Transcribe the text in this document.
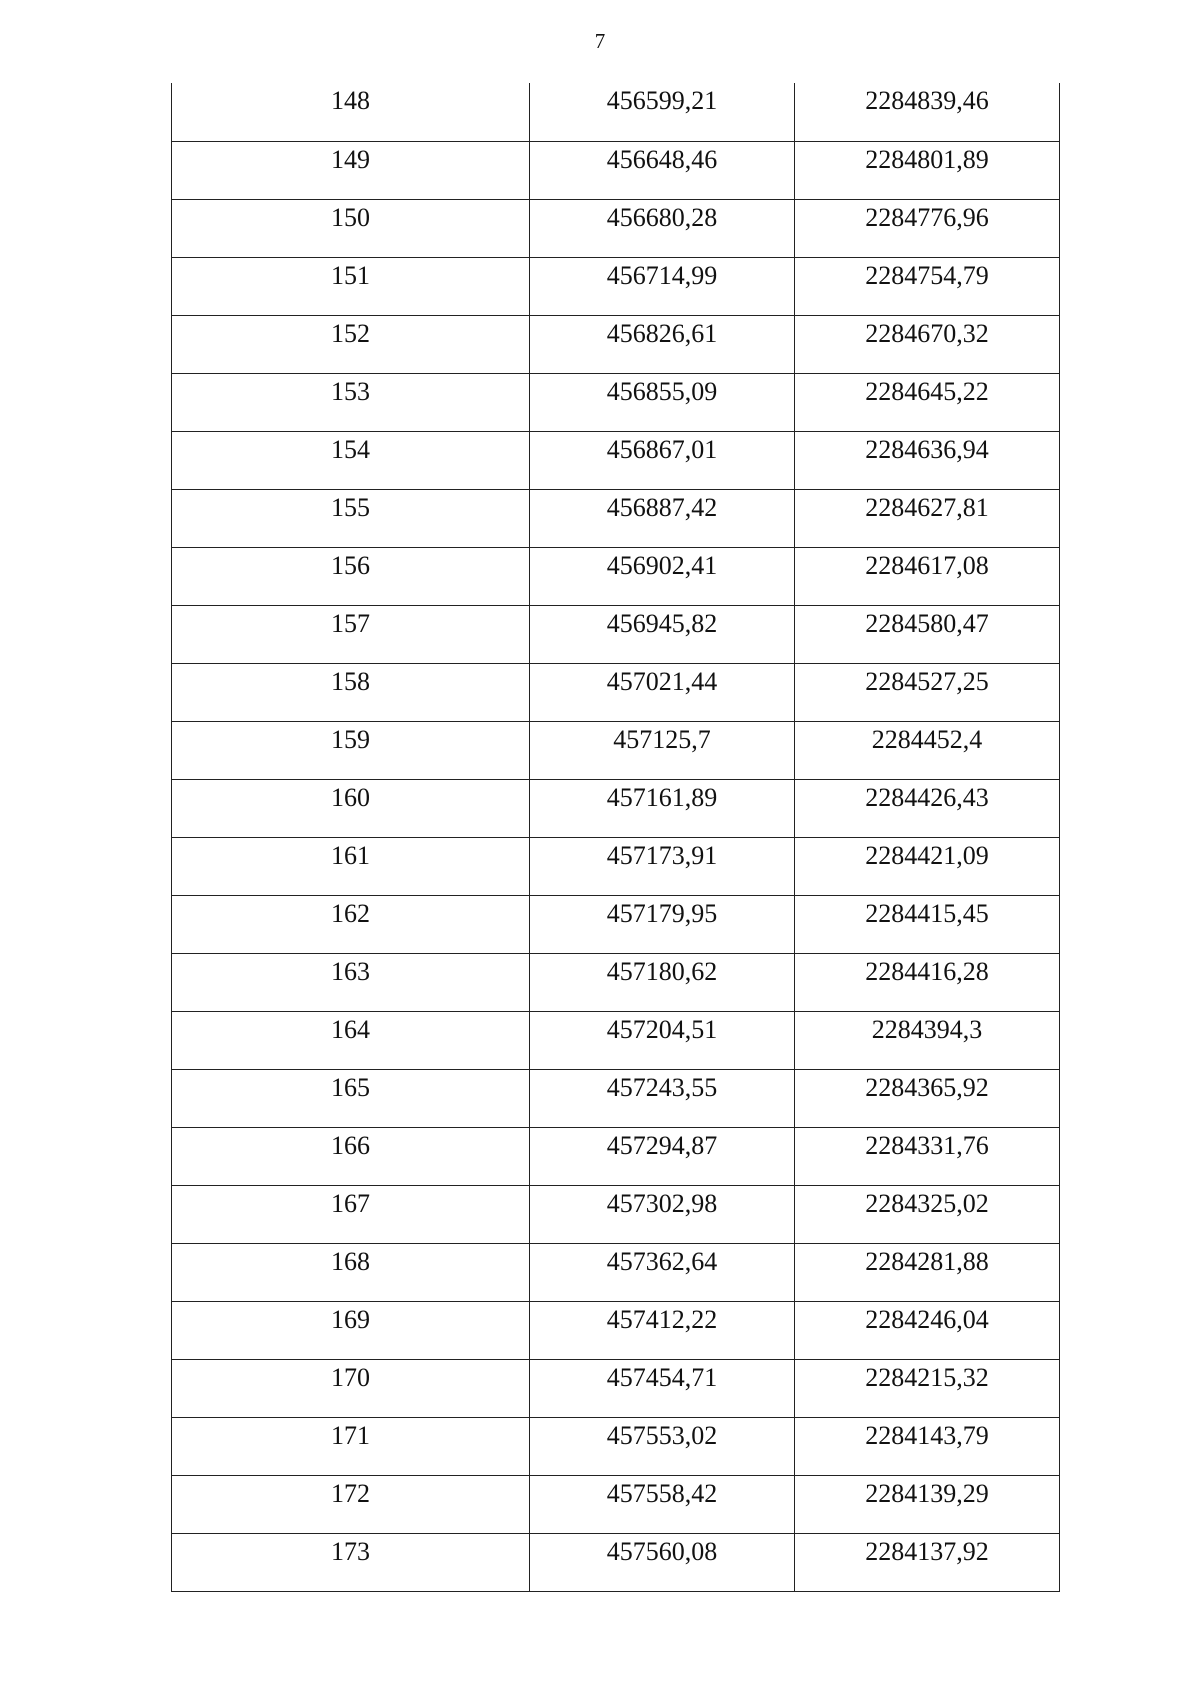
7
148	456599,21	2284839,46
149	456648,46	2284801,89
150	456680,28	2284776,96
151	456714,99	2284754,79
152	456826,61	2284670,32
153	456855,09	2284645,22
154	456867,01	2284636,94
155	456887,42	2284627,81
156	456902,41	2284617,08
157	456945,82	2284580,47
158	457021,44	2284527,25
159	457125,7	2284452,4
160	457161,89	2284426,43
161	457173,91	2284421,09
162	457179,95	2284415,45
163	457180,62	2284416,28
164	457204,51	2284394,3
165	457243,55	2284365,92
166	457294,87	2284331,76
167	457302,98	2284325,02
168	457362,64	2284281,88
169	457412,22	2284246,04
170	457454,71	2284215,32
171	457553,02	2284143,79
172	457558,42	2284139,29
173	457560,08	2284137,92
